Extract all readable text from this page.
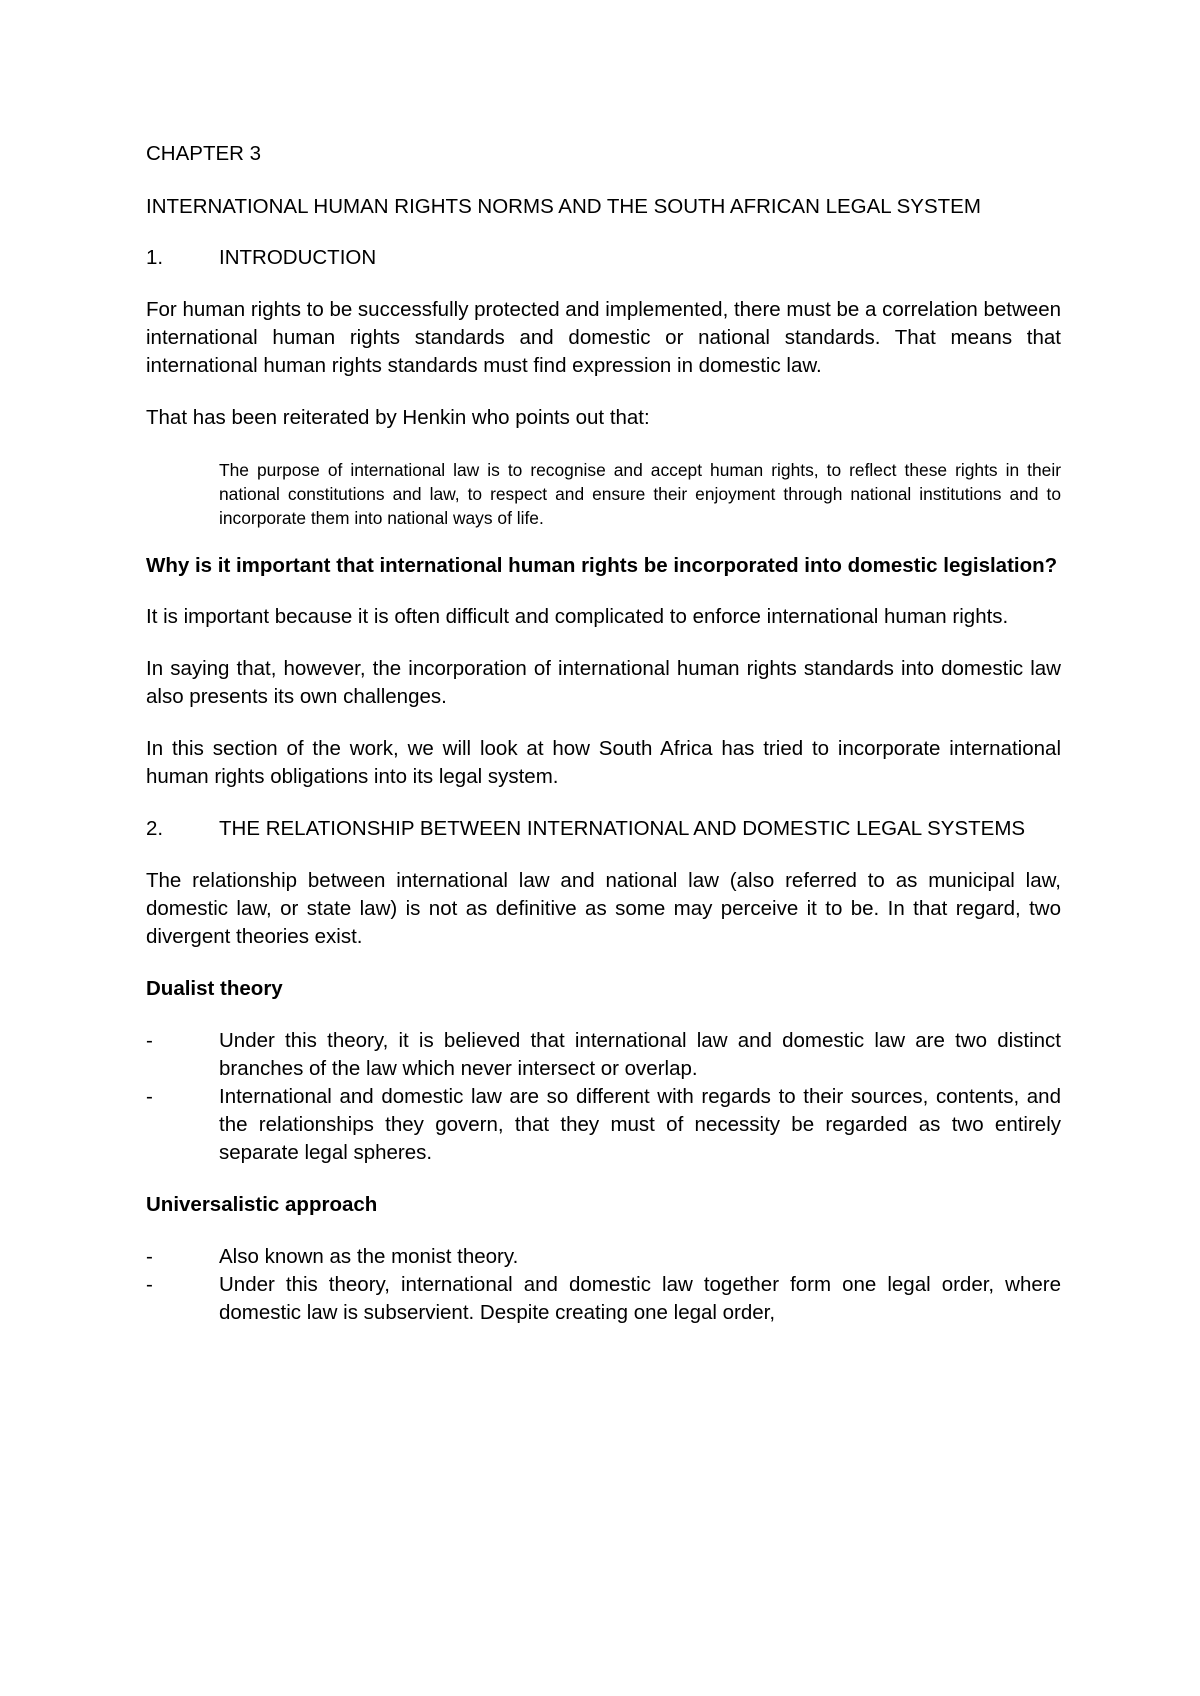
CHAPTER 3

INTERNATIONAL HUMAN RIGHTS NORMS AND THE SOUTH AFRICAN LEGAL SYSTEM

1.	INTRODUCTION

For human rights to be successfully protected and implemented, there must be a correlation between international human rights standards and domestic or national standards. That means that international human rights standards must find expression in domestic law.

That has been reiterated by Henkin who points out that:

The purpose of international law is to recognise and accept human rights, to reflect these rights in their national constitutions and law, to respect and ensure their enjoyment through national institutions and to incorporate them into national ways of life.

Why is it important that international human rights be incorporated into domestic legislation?

It is important because it is often difficult and complicated to enforce international human rights.

In saying that, however, the incorporation of international human rights standards into domestic law also presents its own challenges.

In this section of the work, we will look at how South Africa has tried to incorporate international human rights obligations into its legal system.

2.	THE RELATIONSHIP BETWEEN INTERNATIONAL AND DOMESTIC LEGAL SYSTEMS

The relationship between international law and national law (also referred to as municipal law, domestic law, or state law) is not as definitive as some may perceive it to be. In that regard, two divergent theories exist.

Dualist theory

-	Under this theory, it is believed that international law and domestic law are two distinct branches of the law which never intersect or overlap.
-	International and domestic law are so different with regards to their sources, contents, and the relationships they govern, that they must of necessity be regarded as two entirely separate legal spheres.

Universalistic approach

-	Also known as the monist theory.
-	Under this theory, international and domestic law together form one legal order, where domestic law is subservient. Despite creating one legal order,
